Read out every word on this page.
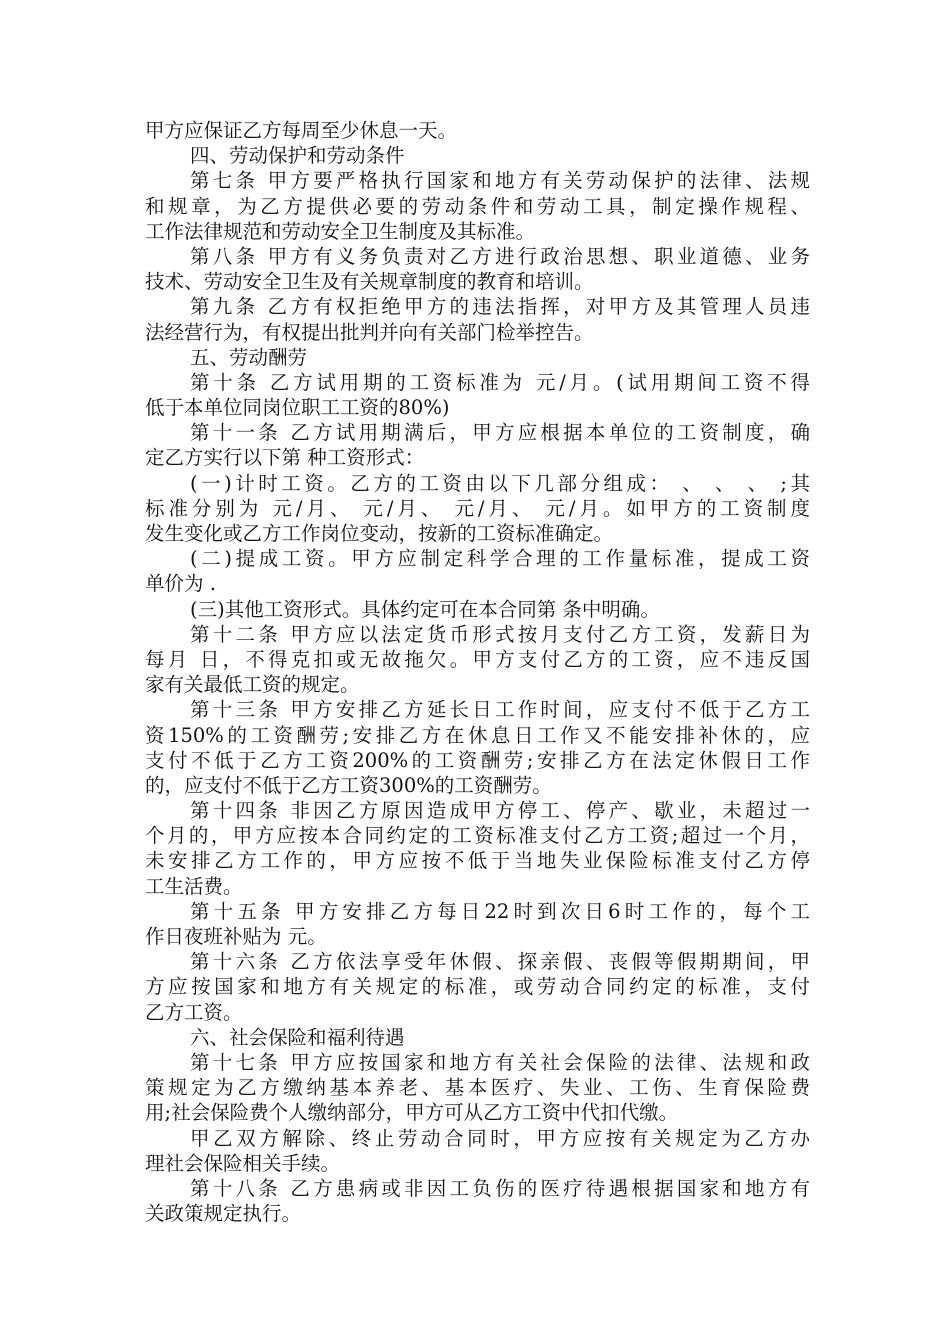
甲方应保证乙方每周至少休息一天。
四、劳动保护和劳动条件
第七条 甲方要严格执行国家和地方有关劳动保护的法律、法规
和规章，为乙方提供必要的劳动条件和劳动工具，制定操作规程、
工作法律规范和劳动安全卫生制度及其标准。
第八条 甲方有义务负责对乙方进行政治思想、职业道德、业务
技术、劳动安全卫生及有关规章制度的教育和培训。
第九条 乙方有权拒绝甲方的违法指挥，对甲方及其管理人员违
法经营行为，有权提出批判并向有关部门检举控告。
五、劳动酬劳
第十条 乙方试用期的工资标准为 元/月。(试用期间工资不得
低于本单位同岗位职工工资的80%)
第十一条 乙方试用期满后，甲方应根据本单位的工资制度，确
定乙方实行以下第 种工资形式：
(一)计时工资。乙方的工资由以下几部分组成： 、 、 、 ;其
标准分别为 元/月、 元/月、 元/月、 元/月。如甲方的工资制度
发生变化或乙方工作岗位变动，按新的工资标准确定。
(二)提成工资。甲方应制定科学合理的工作量标准，提成工资
单价为 .
(三)其他工资形式。具体约定可在本合同第 条中明确。
第十二条 甲方应以法定货币形式按月支付乙方工资，发薪日为
每月 日，不得克扣或无故拖欠。甲方支付乙方的工资，应不违反国
家有关最低工资的规定。
第十三条 甲方安排乙方延长日工作时间，应支付不低于乙方工
资150%的工资酬劳;安排乙方在休息日工作又不能安排补休的，应
支付不低于乙方工资200%的工资酬劳;安排乙方在法定休假日工作
的，应支付不低于乙方工资300%的工资酬劳。
第十四条 非因乙方原因造成甲方停工、停产、歇业，未超过一
个月的，甲方应按本合同约定的工资标准支付乙方工资;超过一个月，
未安排乙方工作的，甲方应按不低于当地失业保险标准支付乙方停
工生活费。
第十五条 甲方安排乙方每日22时到次日6时工作的，每个工
作日夜班补贴为 元。
第十六条 乙方依法享受年休假、探亲假、丧假等假期期间，甲
方应按国家和地方有关规定的标准，或劳动合同约定的标准，支付
乙方工资。
六、社会保险和福利待遇
第十七条 甲方应按国家和地方有关社会保险的法律、法规和政
策规定为乙方缴纳基本养老、基本医疗、失业、工伤、生育保险费
用;社会保险费个人缴纳部分，甲方可从乙方工资中代扣代缴。
甲乙双方解除、终止劳动合同时，甲方应按有关规定为乙方办
理社会保险相关手续。
第十八条 乙方患病或非因工负伤的医疗待遇根据国家和地方有
关政策规定执行。
